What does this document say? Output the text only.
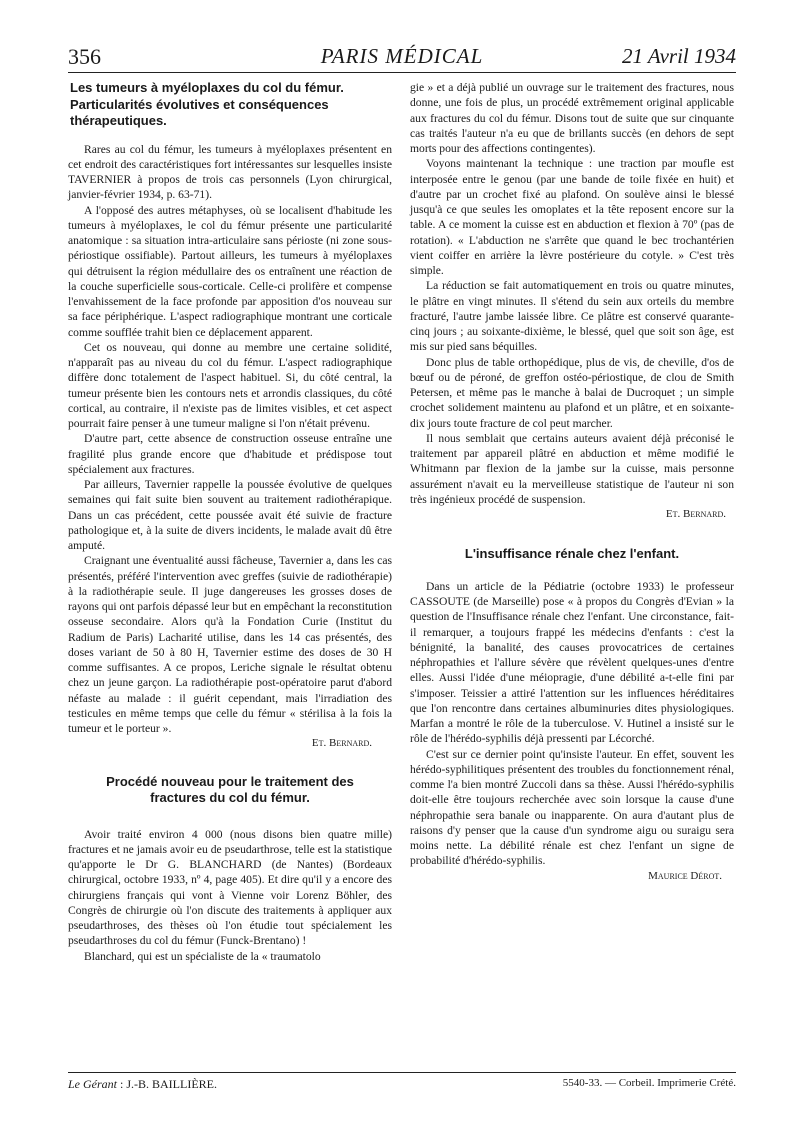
356	PARIS MÉDICAL	21 Avril 1934
Les tumeurs à myéloplaxes du col du fémur. Particularités évolutives et conséquences thérapeutiques.

Rares au col du fémur, les tumeurs à myéloplaxes présentent en cet endroit des caractéristiques fort intéressantes sur lesquelles insiste TAVERNIER à propos de trois cas personnels (Lyon chirurgical, janvier-février 1934, p. 63-71).

A l'opposé des autres métaphyses, où se localisent d'habitude les tumeurs à myéloplaxes, le col du fémur présente une particularité anatomique : sa situation intra-articulaire sans périoste (ni zone sous-périostique ossifiable). Partout ailleurs, les tumeurs à myéloplaxes qui détruisent la région médullaire des os entraînent une réaction de la couche superficielle sous-corticale. Celle-ci prolifère et compense l'envahissement de la face profonde par apposition d'os nouveau sur sa face périphérique. L'aspect radiographique montrant une corticale comme soufflée trahit bien ce déplacement apparent.

Cet os nouveau, qui donne au membre une certaine solidité, n'apparaît pas au niveau du col du fémur. L'aspect radiographique diffère donc totalement de l'aspect habituel. Si, du côté central, la tumeur présente bien les contours nets et arrondis classiques, du côté cortical, au contraire, il n'existe pas de limites visibles, et cet aspect pourrait faire penser à une tumeur maligne si l'on n'était prévenu.

D'autre part, cette absence de construction osseuse entraîne une fragilité plus grande encore que d'habitude et prédispose tout spécialement aux fractures.

Par ailleurs, Tavernier rappelle la poussée évolutive de quelques semaines qui fait suite bien souvent au traitement radiothérapique. Dans un cas précédent, cette poussée avait été suivie de fracture pathologique et, à la suite de divers incidents, le malade avait dû être amputé.

Craignant une éventualité aussi fâcheuse, Tavernier a, dans les cas présentés, préféré l'intervention avec greffes (suivie de radiothérapie) à la radiothérapie seule. Il juge dangereuses les grosses doses de rayons qui ont parfois dépassé leur but en empêchant la reconstitution osseuse secondaire. Alors qu'à la Fondation Curie (Institut du Radium de Paris) Lacharité utilise, dans les 14 cas présentés, des doses variant de 50 à 80 H, Tavernier estime des doses de 30 H comme suffisantes. A ce propos, Leriche signale le résultat obtenu chez un jeune garçon. La radiothérapie post-opératoire parut d'abord néfaste au malade : il guérit cependant, mais l'irradiation des testicules en même temps que celle du fémur « stérilisa à la fois la tumeur et le porteur ».

Et. Bernard.

Procédé nouveau pour le traitement des fractures du col du fémur.

Avoir traité environ 4 000 (nous disons bien quatre mille) fractures et ne jamais avoir eu de pseudarthrose, telle est la statistique qu'apporte le Dr G. BLANCHARD (de Nantes) (Bordeaux chirurgical, octobre 1933, nº 4, page 405). Et dire qu'il y a encore des chirurgiens français qui vont à Vienne voir Lorenz Böhler, des Congrès de chirurgie où l'on discute des traitements à appliquer aux pseudarthroses, des thèses où l'on étudie tout spécialement les pseudarthroses du col du fémur (Funck-Brentano) !

Blanchard, qui est un spécialiste de la « traumatolo

gie » et a déjà publié un ouvrage sur le traitement des fractures, nous donne, une fois de plus, un procédé extrêmement original applicable aux fractures du col du fémur. Disons tout de suite que sur cinquante cas traités l'auteur n'a eu que de brillants succès (en dehors de sept morts pour des affections contingentes).

Voyons maintenant la technique : une traction par moufle est interposée entre le genou (par une bande de toile fixée en huit) et d'autre par un crochet fixé au plafond. On soulève ainsi le blessé jusqu'à ce que seules les omoplates et la tête reposent encore sur la table. A ce moment la cuisse est en abduction et flexion à 70º (pas de rotation). « L'abduction ne s'arrête que quand le bec trochantérien vient coiffer en arrière la lèvre postérieure du cotyle. » C'est très simple.

La réduction se fait automatiquement en trois ou quatre minutes, le plâtre en vingt minutes. Il s'étend du sein aux orteils du membre fracturé, l'autre jambe laissée libre. Ce plâtre est conservé quarante-cinq jours ; au soixante-dixième, le blessé, quel que soit son âge, est mis sur pied sans béquilles.

Donc plus de table orthopédique, plus de vis, de cheville, d'os de bœuf ou de péroné, de greffon ostéo-périostique, de clou de Smith Petersen, et même pas le manche à balai de Ducroquet ; un simple crochet solidement maintenu au plafond et un plâtre, et en soixante-dix jours toute fracture de col peut marcher.

Il nous semblait que certains auteurs avaient déjà préconisé le traitement par appareil plâtré en abduction et même modifié le Whitmann par flexion de la jambe sur la cuisse, mais personne assurément n'avait eu la merveilleuse statistique de l'auteur ni son très ingénieux procédé de suspension.

Et. Bernard.

L'insuffisance rénale chez l'enfant.

Dans un article de la Pédiatrie (octobre 1933) le professeur CASSOUTE (de Marseille) pose « à propos du Congrès d'Evian » la question de l'Insuffisance rénale chez l'enfant. Une circonstance, fait-il remarquer, a toujours frappé les médecins d'enfants : c'est la bénignité, la banalité, des causes provocatrices de certaines néphropathies et l'allure sévère que révèlent quelques-unes d'entre elles. Aussi l'idée d'une méiopragie, d'une débilité a-t-elle fini par s'imposer. Teissier a attiré l'attention sur les influences héréditaires que l'on rencontre dans certaines albuminuries dites physiologiques. Marfan a montré le rôle de la tuberculose. V. Hutinel a insisté sur le rôle de l'hérédo-syphilis déjà pressenti par Lécorché.

C'est sur ce dernier point qu'insiste l'auteur. En effet, souvent les hérédo-syphilitiques présentent des troubles du fonctionnement rénal, comme l'a bien montré Zuccoli dans sa thèse. Aussi l'hérédo-syphilis doit-elle être toujours recherchée avec soin lorsque la cause d'une néphropathie sera banale ou inapparente. On aura d'autant plus de raisons d'y penser que la cause d'un syndrome aigu ou suraigu sera moins nette. La débilité rénale est chez l'enfant un signe de probabilité d'hérédo-syphilis.

Maurice Dérot.

Le Gérant : J.-B. BAILLIÈRE.	5540-33. — Corbeil. Imprimerie Crété.
